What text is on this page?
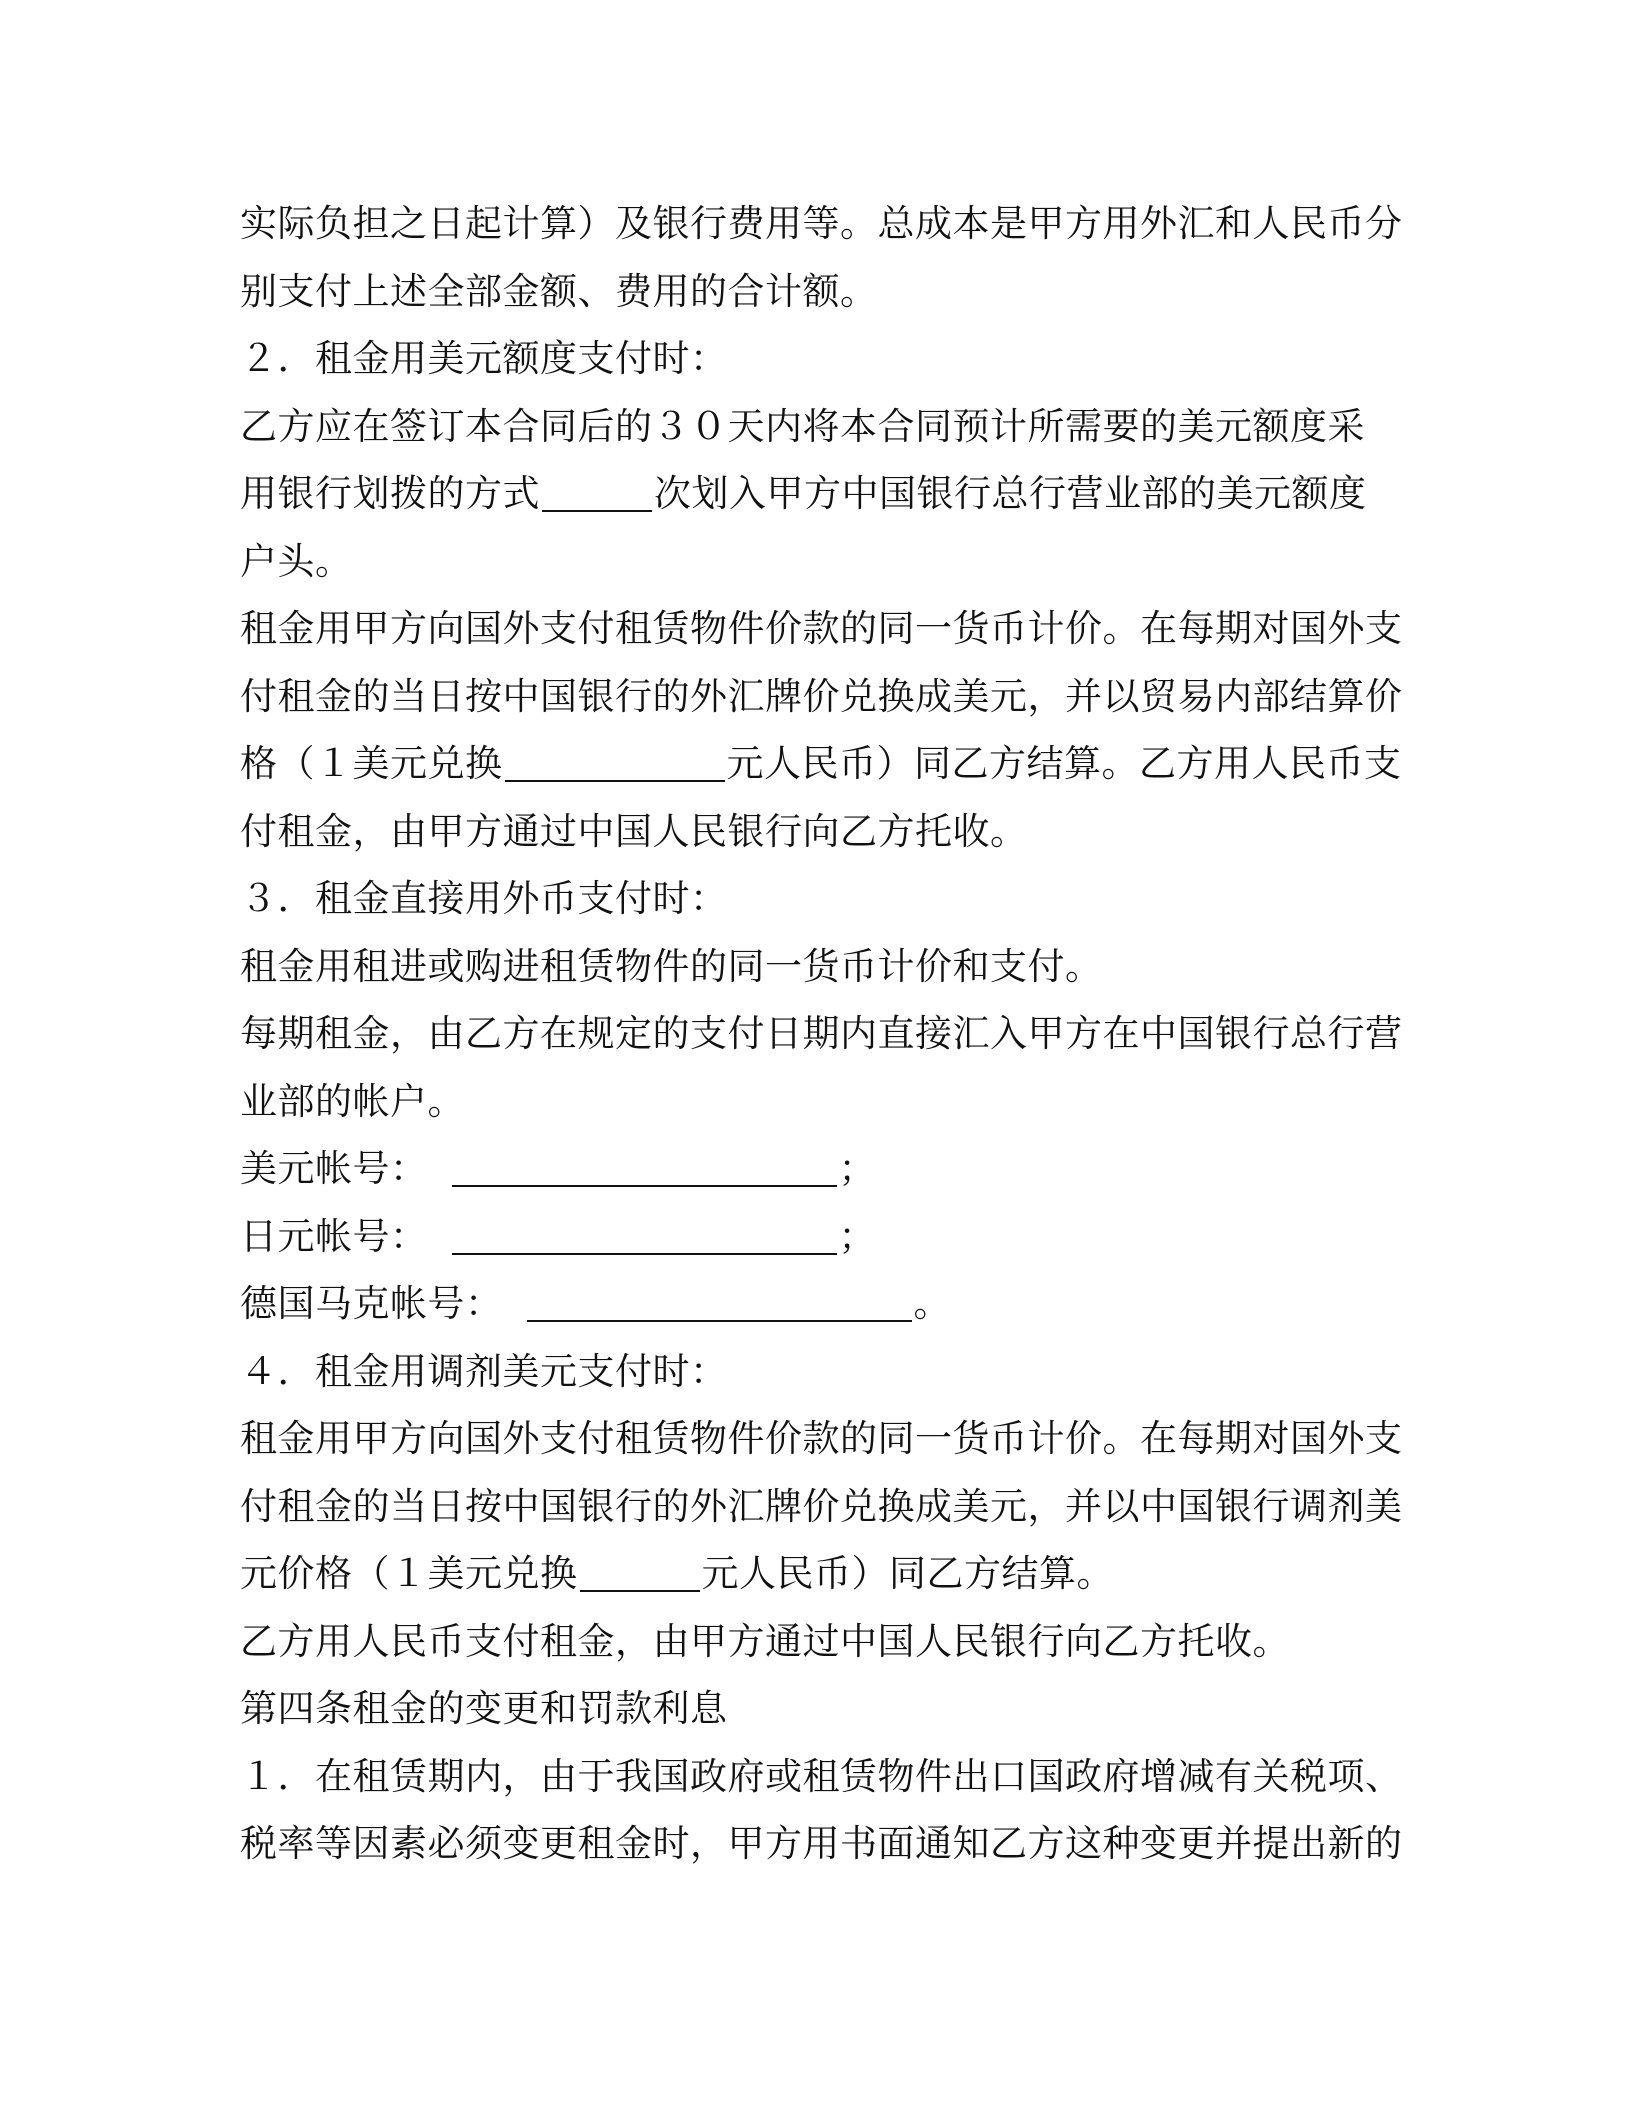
实际负担之日起计算）及银行费用等。总成本是甲方用外汇和人民币分
别支付上述全部金额、费用的合计额。
２．租金用美元额度支付时：
乙方应在签订本合同后的３０天内将本合同预计所需要的美元额度采
用银行划拨的方式	次划入甲方中国银行总行营业部的美元额度
户头。
租金用甲方向国外支付租赁物件价款的同一货币计价。在每期对国外支
付租金的当日按中国银行的外汇牌价兑换成美元，并以贸易内部结算价
格（１美元兑换	元人民币）同乙方结算。乙方用人民币支
付租金，由甲方通过中国人民银行向乙方托收。
３．租金直接用外币支付时：
租金用租进或购进租赁物件的同一货币计价和支付。
每期租金，由乙方在规定的支付日期内直接汇入甲方在中国银行总行营
业部的帐户。
美元帐号：	；
日元帐号：	；
德国马克帐号：	。
４．租金用调剂美元支付时：
租金用甲方向国外支付租赁物件价款的同一货币计价。在每期对国外支
付租金的当日按中国银行的外汇牌价兑换成美元，并以中国银行调剂美
元价格（１美元兑换	元人民币）同乙方结算。
乙方用人民币支付租金，由甲方通过中国人民银行向乙方托收。
第四条租金的变更和罚款利息
１．在租赁期内，由于我国政府或租赁物件出口国政府增减有关税项、
税率等因素必须变更租金时，甲方用书面通知乙方这种变更并提出新的
